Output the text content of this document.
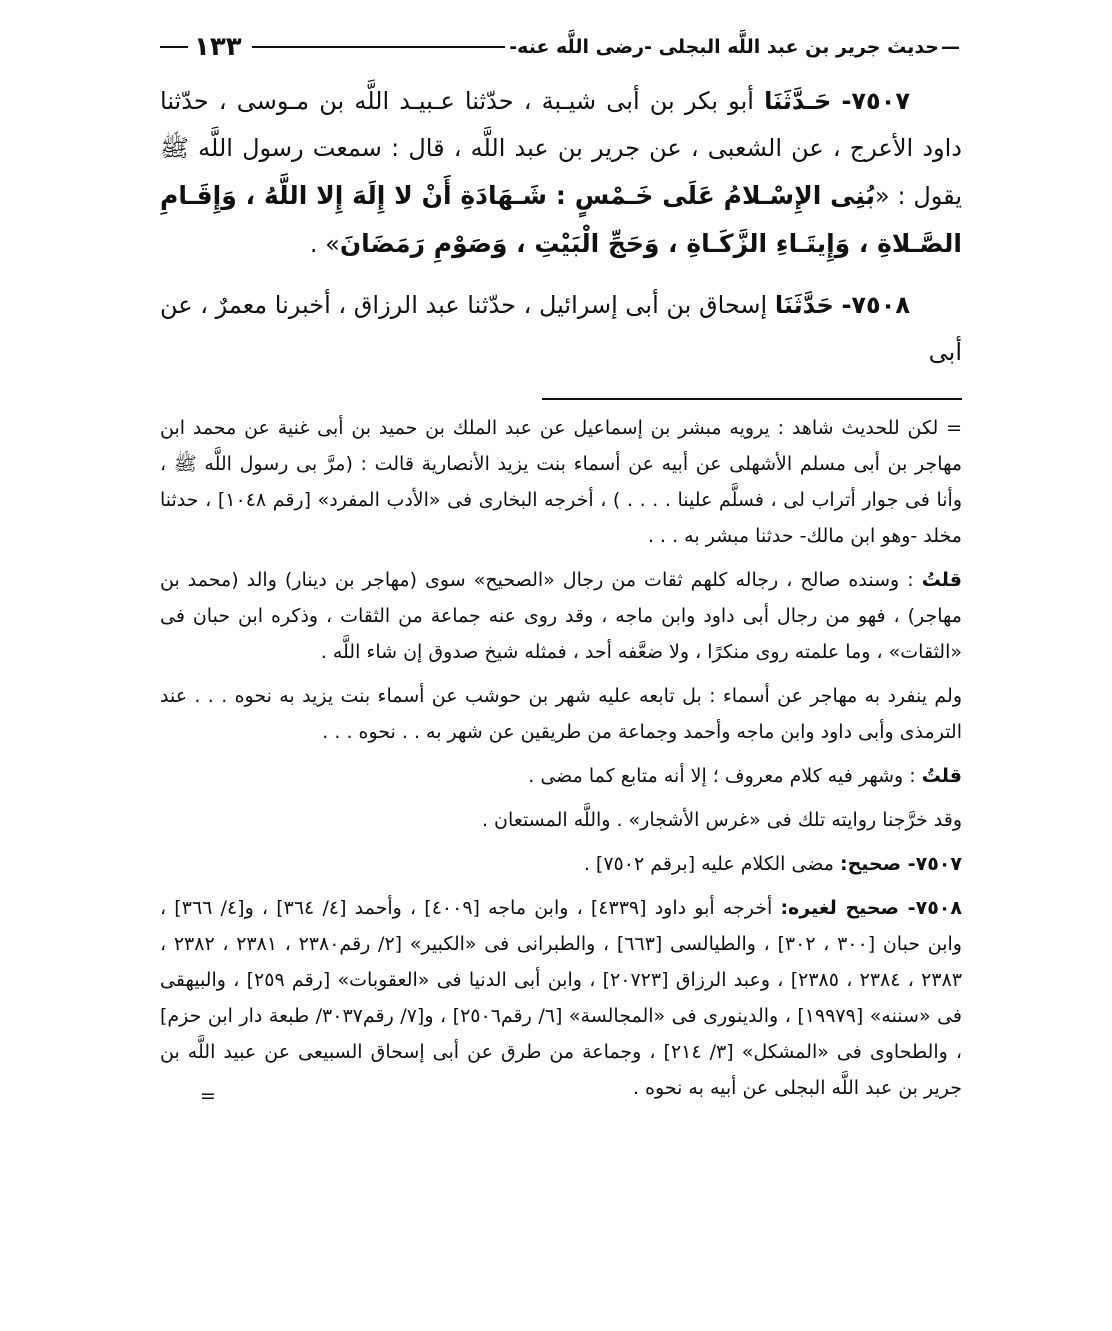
—
حديث جرير بن عبد اللَّه البجلى -رضى اللَّه عنه-
١٣٣

٧٥٠٧- حَـدَّثَنَا أبو بكر بن أبى شيـبة ، حدّثنا عـبيـد اللَّه بن مـوسى ، حدّثنا داود الأعرج ، عن الشعبى ، عن جرير بن عبد اللَّه ، قال : سمعت رسول اللَّه ﷺ يقول : «بُنِى الإِسْـلامُ عَلَى خَـمْسٍ : شَـهَادَةِ أَنْ لا إِلَهَ إِلا اللَّهُ ، وَإِقَـامِ الصَّـلاةِ ، وَإِيتَـاءِ الزَّكَـاةِ ، وَحَجِّ الْبَيْتِ ، وَصَوْمِ رَمَضَانَ» .

٧٥٠٨- حَدَّثَنَا إسحاق بن أبى إسرائيل ، حدّثنا عبد الرزاق ، أخبرنا معمرٌ ، عن أبى

= لكن للحديث شاهد : يرويه مبشر بن إسماعيل عن عبد الملك بن حميد بن أبى غنية عن محمد ابن مهاجر بن أبى مسلم الأشهلى عن أبيه عن أسماء بنت يزيد الأنصارية قالت : (مرَّ بى رسول اللَّه ﷺ ، وأنا فى جوار أتراب لى ، فسلَّم علينا . . . . ) ، أخرجه البخارى فى «الأدب المفرد» [رقم ١٠٤٨] ، حدثنا مخلد -وهو ابن مالك- حدثنا مبشر به . . .

قلتُ : وسنده صالح ، رجاله كلهم ثقات من رجال «الصحيح» سوى (مهاجر بن دينار) والد (محمد بن مهاجر) ، فهو من رجال أبى داود وابن ماجه ، وقد روى عنه جماعة من الثقات ، وذكره ابن حبان فى «الثقات» ، وما علمته روى منكرًا ، ولا ضعَّفه أحد ، فمثله شيخ صدوق إن شاء اللَّه .

ولم ينفرد به مهاجر عن أسماء : بل تابعه عليه شهر بن حوشب عن أسماء بنت يزيد به نحوه . . . عند الترمذى وأبى داود وابن ماجه وأحمد وجماعة من طريقين عن شهر به . . نحوه . . .

قلتُ : وشهر فيه كلام معروف ؛ إلا أنه متابع كما مضى .

وقد خرَّجنا روايته تلك فى «غرس الأشجار» . واللَّه المستعان .

٧٥٠٧- صحيح: مضى الكلام عليه [برقم ٧٥٠٢] .

٧٥٠٨- صحيح لغيره: أخرجه أبو داود [٤٣٣٩] ، وابن ماجه [٤٠٠٩] ، وأحمد [٤/ ٣٦٤] ، و[٤/ ٣٦٦] ، وابن حبان [٣٠٠ ، ٣٠٢] ، والطيالسى [٦٦٣] ، والطبرانى فى «الكبير» [٢/ رقم٢٣٨٠ ، ٢٣٨١ ، ٢٣٨٢ ، ٢٣٨٣ ، ٢٣٨٤ ، ٢٣٨٥] ، وعبد الرزاق [٢٠٧٢٣] ، وابن أبى الدنيا فى «العقوبات» [رقم ٢٥٩] ، والبيهقى فى «سننه» [١٩٩٧٩] ، والدينورى فى «المجالسة» [٦/ رقم٢٥٠٦] ، و[٧/ رقم٣٠٣٧/ طبعة دار ابن حزم] ، والطحاوى فى «المشكل» [٣/ ٢١٤] ، وجماعة من طرق عن أبى إسحاق السبيعى عن عبيد اللَّه بن جرير بن عبد اللَّه البجلى عن أبيه به نحوه .

=
